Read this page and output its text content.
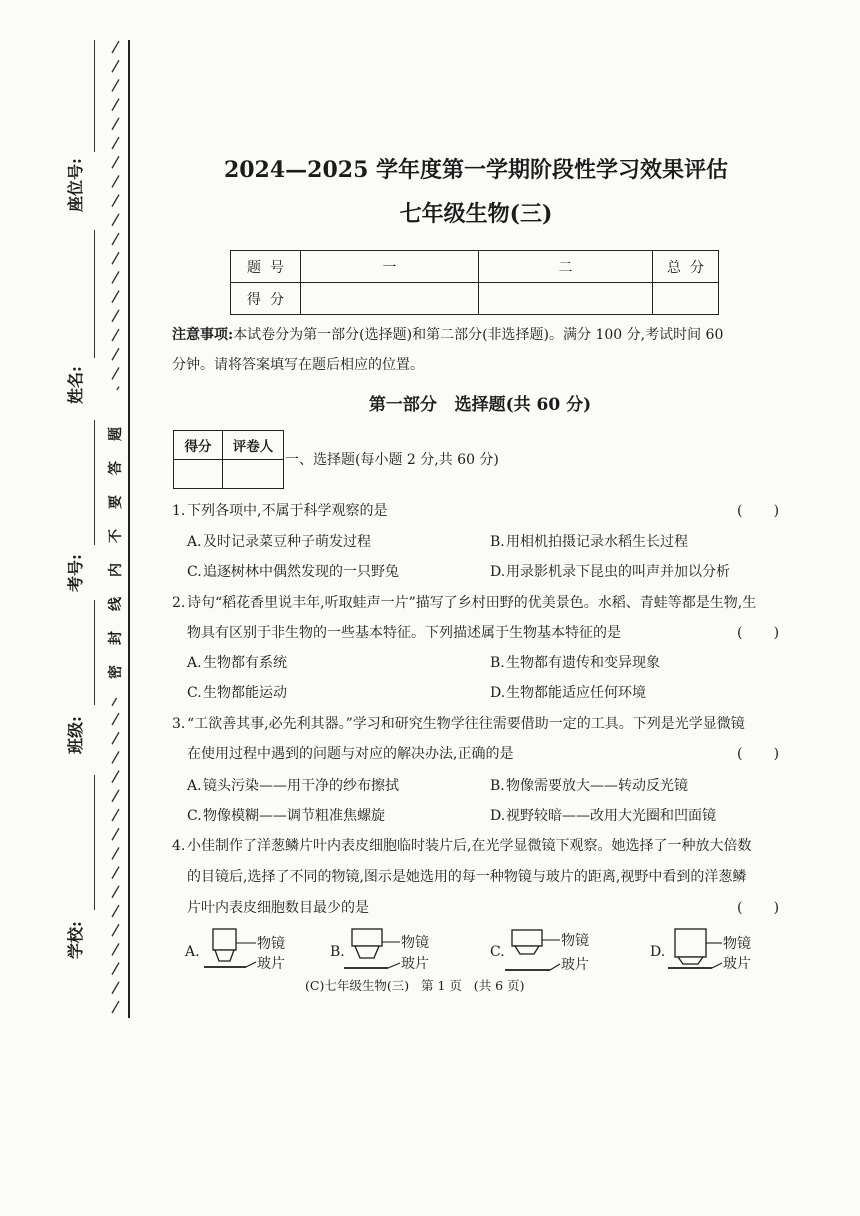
座位号:
姓名:
考号:
班级:
学校:
密封线内不要答题
2024—2025 学年度第一学期阶段性学习效果评估
七年级生物(三)
题  号	一	二	总  分
得  分			
注意事项:本试卷分为第一部分(选择题)和第二部分(非选择题)。满分 100 分,考试时间 60
分钟。请将答案填写在题后相应的位置。
第一部分   选择题(共 60 分)
得分	评卷人

一、选择题(每小题 2 分,共 60 分)
1. 下列各项中,不属于科学观察的是	(       )
A.及时记录菜豆种子萌发过程	B.用相机拍摄记录水稻生长过程
C.追逐树林中偶然发现的一只野兔	D.用录影机录下昆虫的叫声并加以分析
2. 诗句“稻花香里说丰年,听取蛙声一片”描写了乡村田野的优美景色。水稻、青蛙等都是生物,生
物具有区别于非生物的一些基本特征。下列描述属于生物基本特征的是	(       )
A.生物都有系统	B.生物都有遗传和变异现象
C.生物都能运动	D.生物都能适应任何环境
3. “工欲善其事,必先利其器。”学习和研究生物学往往需要借助一定的工具。下列是光学显微镜
在使用过程中遇到的问题与对应的解决办法,正确的是	(       )
A.镜头污染——用干净的纱布擦拭	B.物像需要放大——转动反光镜
C.物像模糊——调节粗准焦螺旋	D.视野较暗——改用大光圈和凹面镜
4. 小佳制作了洋葱鳞片叶内表皮细胞临时装片后,在光学显微镜下观察。她选择了一种放大倍数
的目镜后,选择了不同的物镜,图示是她选用的每一种物镜与玻片的距离,视野中看到的洋葱鳞
片叶内表皮细胞数目最少的是	(       )
A.	物镜
玻片
B.
物镜
玻片
C.
物镜
玻片
D.	物镜
玻片
(C)七年级生物(三)   第 1 页   (共 6 页)
